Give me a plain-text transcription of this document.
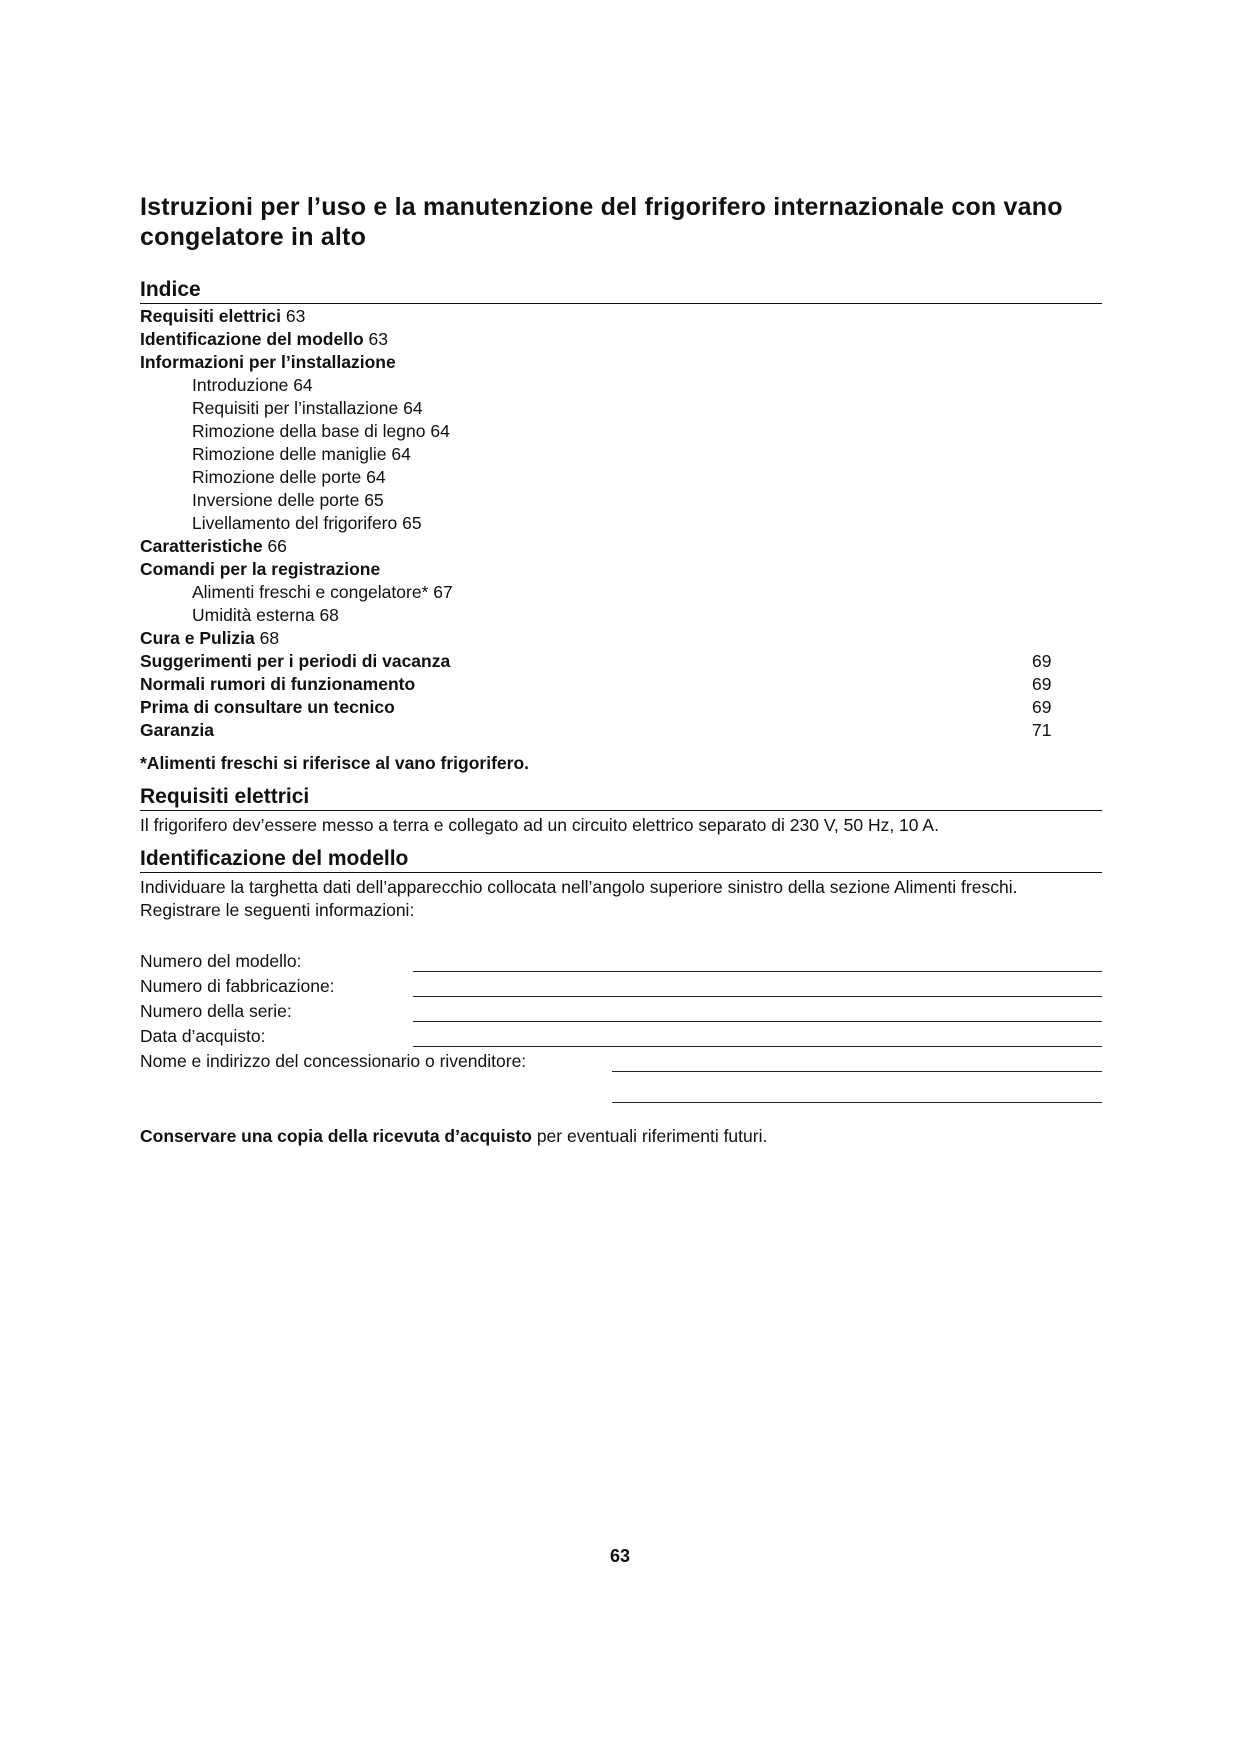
Istruzioni per l’uso e la manutenzione del frigorifero internazionale con vano congelatore in alto
Indice
Requisiti elettrici 63
Identificazione del modello 63
Informazioni per l’installazione
Introduzione 64
Requisiti per l’installazione 64
Rimozione della base di legno 64
Rimozione delle maniglie 64
Rimozione delle porte 64
Inversione delle porte 65
Livellamento del frigorifero 65
Caratteristiche 66
Comandi per la registrazione
Alimenti freschi e congelatore* 67
Umidità esterna 68
Cura e Pulizia 68
Suggerimenti per i periodi di vacanza	69
Normali rumori di funzionamento	69
Prima di consultare un tecnico	69
Garanzia	71

*Alimenti freschi si riferisce al vano frigorifero.

Requisiti elettrici

Il frigorifero dev’essere messo a terra e collegato ad un circuito elettrico separato di 230 V, 50 Hz, 10 A.

Identificazione del modello
Individuare la targhetta dati dell’apparecchio collocata nell’angolo superiore sinistro della sezione Alimenti freschi.
Registrare le seguenti informazioni:
Numero del modello:
Numero di fabbricazione:
Numero della serie:
Data d’acquisto:
Nome e indirizzo del concessionario o rivenditore:

Conservare una copia della ricevuta d’acquisto per eventuali riferimenti futuri.

63
